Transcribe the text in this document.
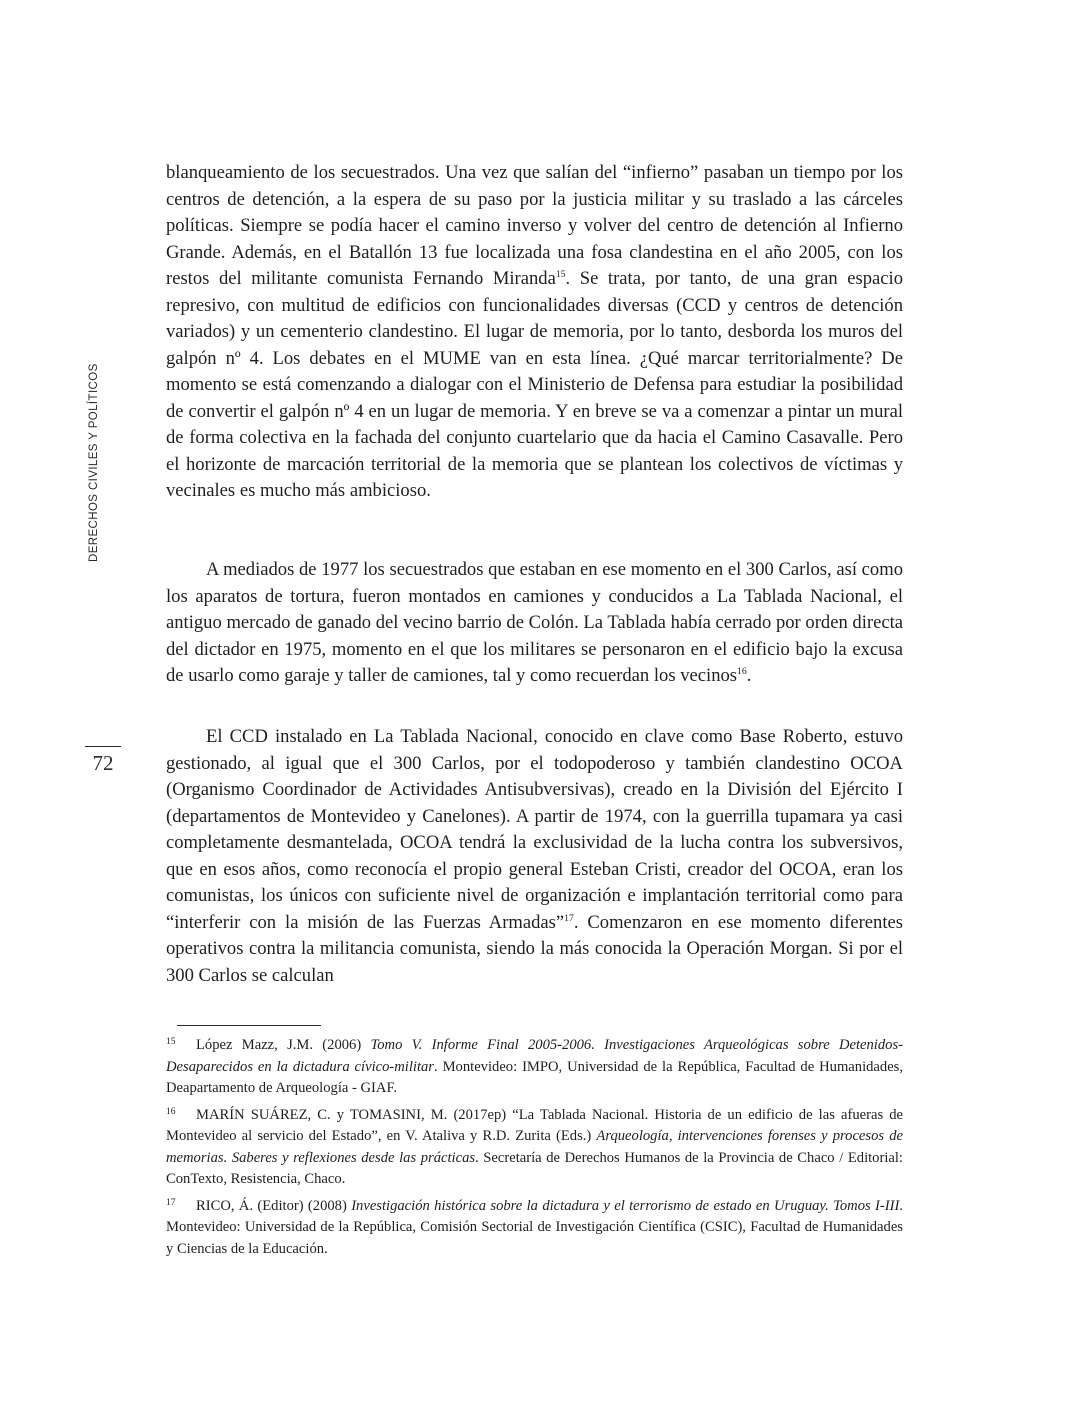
DERECHOS CIVILES Y POLÍTICOS
72

blanqueamiento de los secuestrados. Una vez que salían del “infierno” pasaban un tiempo por los centros de detención, a la espera de su paso por la justicia militar y su traslado a las cárceles políticas. Siempre se podía hacer el camino inverso y volver del centro de detención al Infierno Grande. Además, en el Batallón 13 fue localizada una fosa clandestina en el año 2005, con los restos del militante comunista Fernando Miranda$^{15}$. Se trata, por tanto, de una gran espacio represivo, con multitud de edificios con funcionalidades diversas (CCD y centros de detención variados) y un cementerio clandestino. El lugar de memoria, por lo tanto, desborda los muros del galpón nº 4. Los debates en el MUME van en esta línea. ¿Qué marcar territorialmente? De momento se está comenzando a dialogar con el Ministerio de Defensa para estudiar la posibilidad de convertir el galpón nº 4 en un lugar de memoria. Y en breve se va a comenzar a pintar un mural de forma colectiva en la fachada del conjunto cuartelario que da hacia el Camino Casavalle. Pero el horizonte de marcación territorial de la memoria que se plantean los colectivos de víctimas y vecinales es mucho más ambicioso.

A mediados de 1977 los secuestrados que estaban en ese momento en el 300 Carlos, así como los aparatos de tortura, fueron montados en camiones y conducidos a La Tablada Nacional, el antiguo mercado de ganado del vecino barrio de Colón. La Tablada había cerrado por orden directa del dictador en 1975, momento en el que los militares se personaron en el edificio bajo la excusa de usarlo como garaje y taller de camiones, tal y como recuerdan los vecinos$^{16}$.

El CCD instalado en La Tablada Nacional, conocido en clave como Base Roberto, estuvo gestionado, al igual que el 300 Carlos, por el todopoderoso y también clandestino OCOA (Organismo Coordinador de Actividades Antisubversivas), creado en la División del Ejército I (departamentos de Montevideo y Canelones). A partir de 1974, con la guerrilla tupamara ya casi completamente desmantelada, OCOA tendrá la exclusividad de la lucha contra los subversivos, que en esos años, como reconocía el propio general Esteban Cristi, creador del OCOA, eran los comunistas, los únicos con suficiente nivel de organización e implantación territorial como para “interferir con la misión de las Fuerzas Armadas”$^{17}$. Comenzaron en ese momento diferentes operativos contra la militancia comunista, siendo la más conocida la Operación Morgan. Si por el 300 Carlos se calculan

15 López Mazz, J.M. (2006) Tomo V. Informe Final 2005-2006. Investigaciones Arqueológicas sobre Detenidos-Desaparecidos en la dictadura cívico-militar. Montevideo: IMPO, Universidad de la República, Facultad de Humanidades, Deapartamento de Arqueología - GIAF.

16 MARÍN SUÁREZ, C. y TOMASINI, M. (2017ep) “La Tablada Nacional. Historia de un edificio de las afueras de Montevideo al servicio del Estado”, en V. Ataliva y R.D. Zurita (Eds.) Arqueología, intervenciones forenses y procesos de memorias. Saberes y reflexiones desde las prácticas. Secretaría de Derechos Humanos de la Provincia de Chaco / Editorial: ConTexto, Resistencia, Chaco.

17 RICO, Á. (Editor) (2008) Investigación histórica sobre la dictadura y el terrorismo de estado en Uruguay. Tomos I-III. Montevideo: Universidad de la República, Comisión Sectorial de Investigación Científica (CSIC), Facultad de Humanidades y Ciencias de la Educación.
